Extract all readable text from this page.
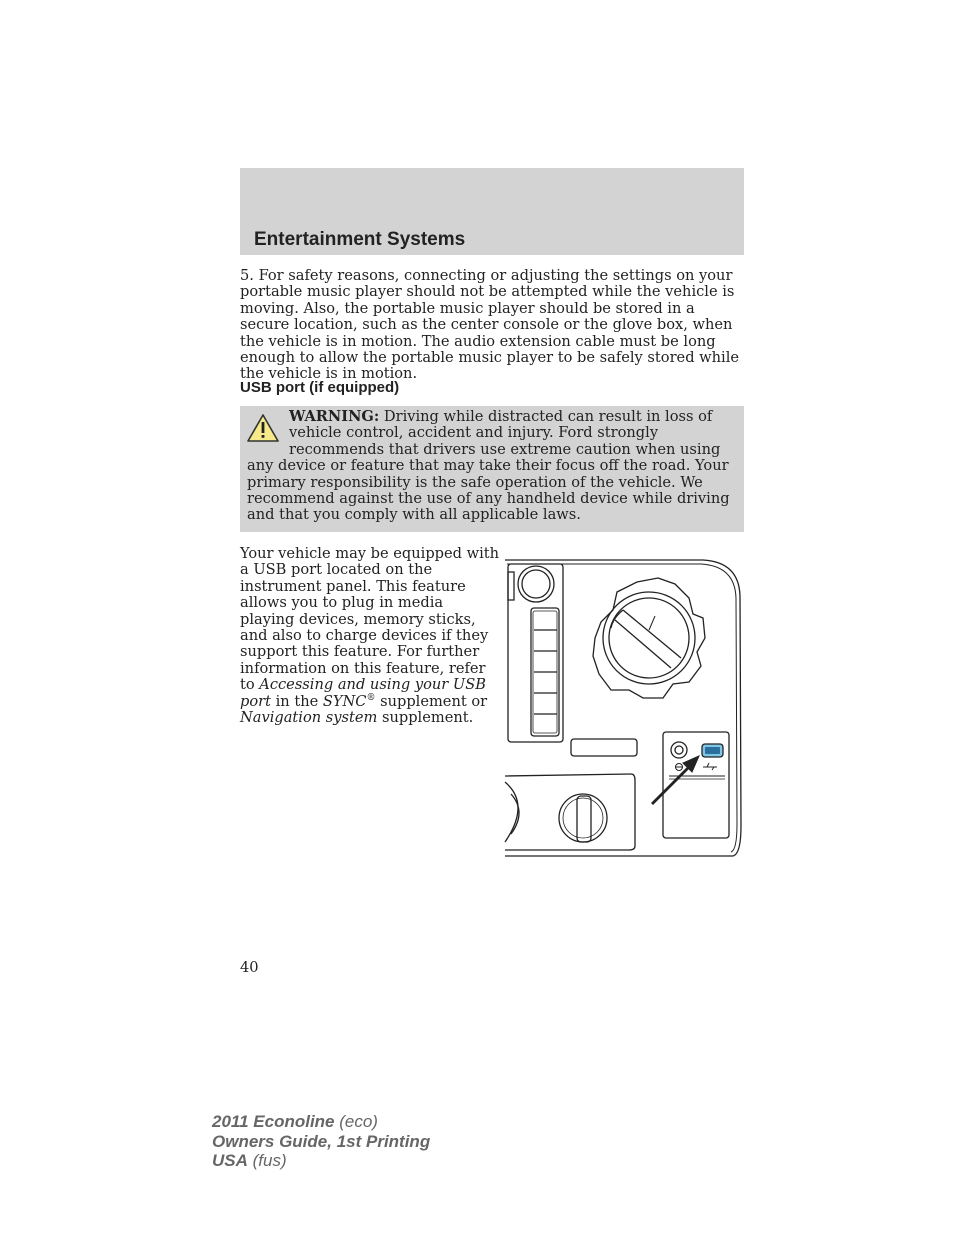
Entertainment Systems
5. For safety reasons, connecting or adjusting the settings on your portable music player should not be attempted while the vehicle is moving. Also, the portable music player should be stored in a secure location, such as the center console or the glove box, when the vehicle is in motion. The audio extension cable must be long enough to allow the portable music player to be safely stored while the vehicle is in motion.
USB port (if equipped)
WARNING: Driving while distracted can result in loss of vehicle control, accident and injury. Ford strongly recommends that drivers use extreme caution when using any device or feature that may take their focus off the road. Your primary responsibility is the safe operation of the vehicle. We recommend against the use of any handheld device while driving and that you comply with all applicable laws.
Your vehicle may be equipped with a USB port located on the instrument panel. This feature allows you to plug in media playing devices, memory sticks, and also to charge devices if they support this feature. For further information on this feature, refer to Accessing and using your USB port in the SYNC® supplement or Navigation system supplement.
40
2011 Econoline (eco)
Owners Guide, 1st Printing
USA (fus)
